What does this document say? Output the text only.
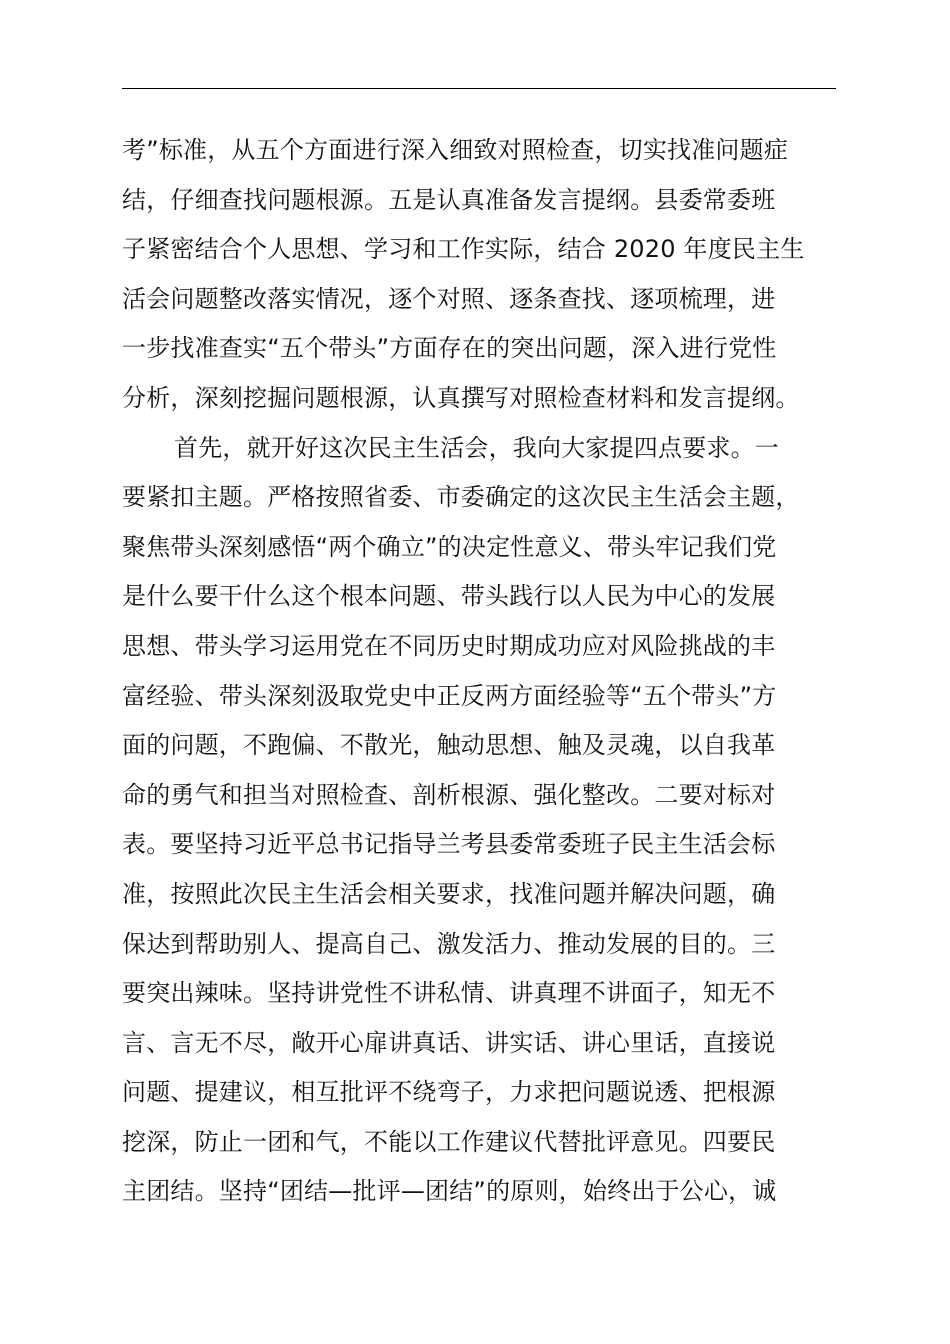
考”标准，从五个方面进行深入细致对照检查，切实找准问题症
结，仔细查找问题根源。五是认真准备发言提纲。县委常委班
子紧密结合个人思想、学习和工作实际，结合 2020 年度民主生
活会问题整改落实情况，逐个对照、逐条查找、逐项梳理，进
一步找准查实“五个带头”方面存在的突出问题，深入进行党性
分析，深刻挖掘问题根源，认真撰写对照检查材料和发言提纲。
首先，就开好这次民主生活会，我向大家提四点要求。一
要紧扣主题。严格按照省委、市委确定的这次民主生活会主题，
聚焦带头深刻感悟“两个确立”的决定性意义、带头牢记我们党
是什么要干什么这个根本问题、带头践行以人民为中心的发展
思想、带头学习运用党在不同历史时期成功应对风险挑战的丰
富经验、带头深刻汲取党史中正反两方面经验等“五个带头”方
面的问题，不跑偏、不散光，触动思想、触及灵魂，以自我革
命的勇气和担当对照检查、剖析根源、强化整改。二要对标对
表。要坚持习近平总书记指导兰考县委常委班子民主生活会标
准，按照此次民主生活会相关要求，找准问题并解决问题，确
保达到帮助别人、提高自己、激发活力、推动发展的目的。三
要突出辣味。坚持讲党性不讲私情、讲真理不讲面子，知无不
言、言无不尽，敞开心扉讲真话、讲实话、讲心里话，直接说
问题、提建议，相互批评不绕弯子，力求把问题说透、把根源
挖深，防止一团和气，不能以工作建议代替批评意见。四要民
主团结。坚持“团结—批评—团结”的原则，始终出于公心，诚
